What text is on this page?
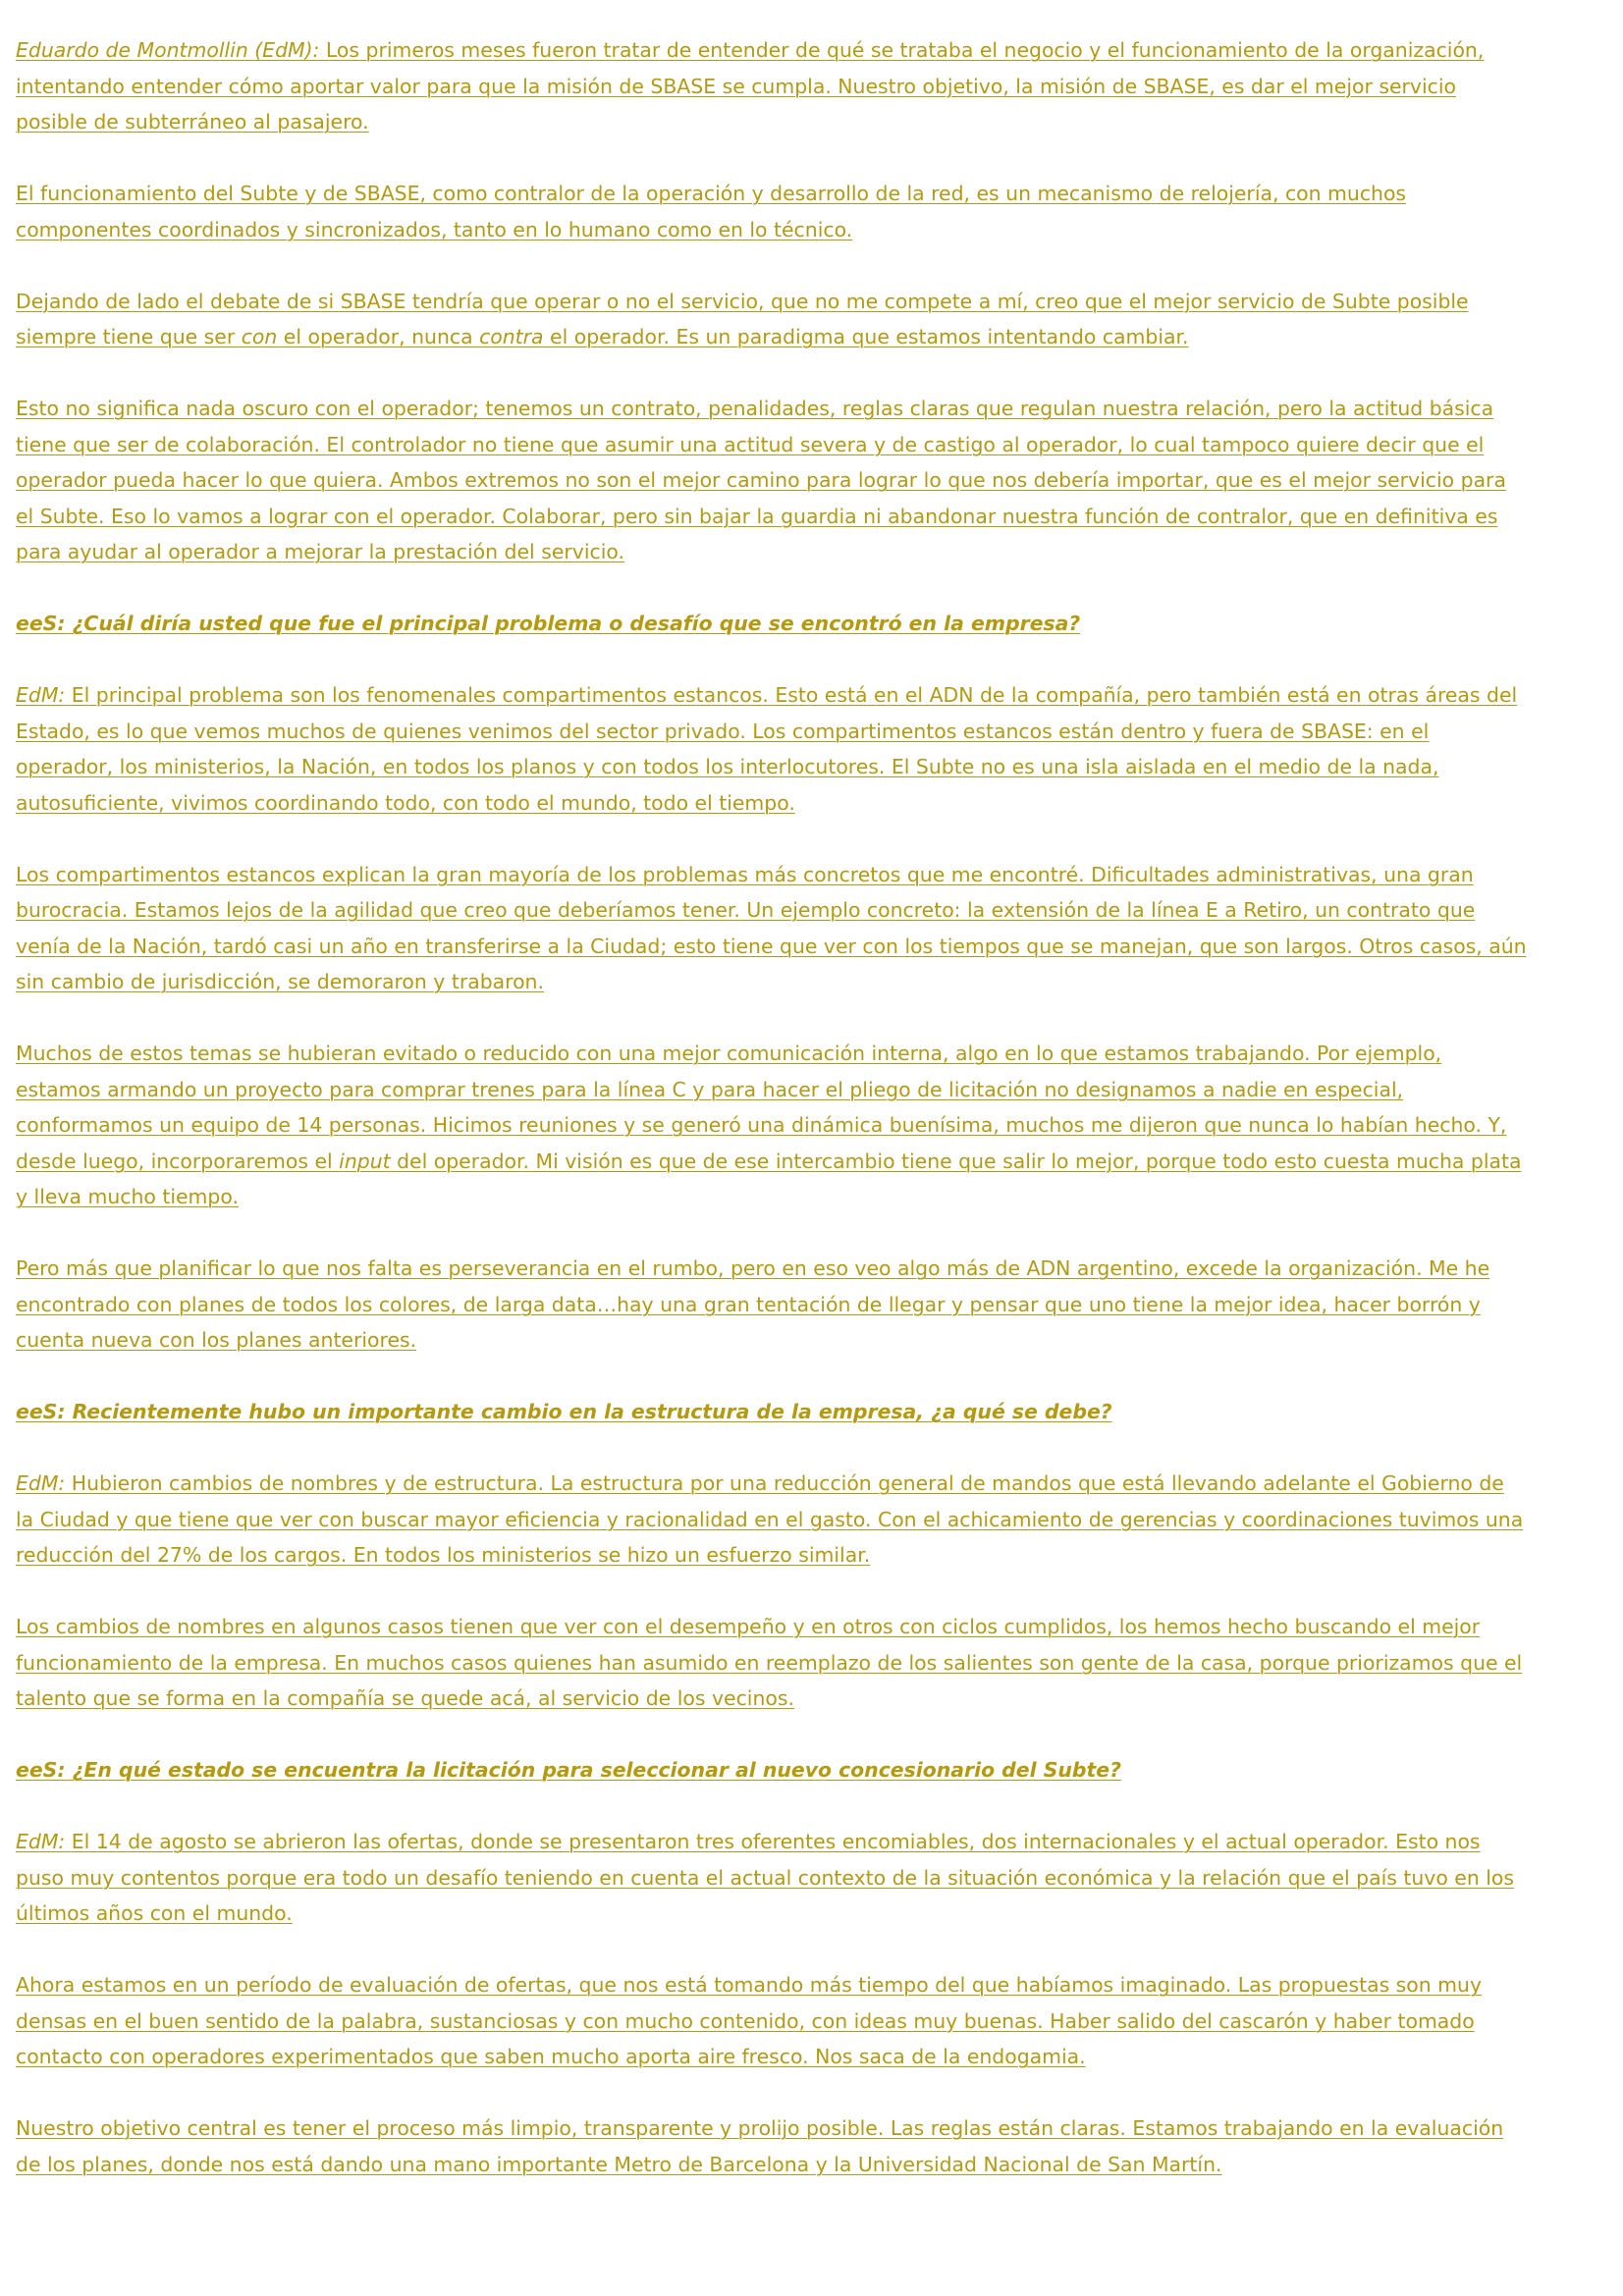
Eduardo de Montmollin (EdM): Los primeros meses fueron tratar de entender de qué se trataba el negocio y el funcionamiento de la organización, intentando entender cómo aportar valor para que la misión de SBASE se cumpla. Nuestro objetivo, la misión de SBASE, es dar el mejor servicio posible de subterráneo al pasajero.

El funcionamiento del Subte y de SBASE, como contralor de la operación y desarrollo de la red, es un mecanismo de relojería, con muchos componentes coordinados y sincronizados, tanto en lo humano como en lo técnico.

Dejando de lado el debate de si SBASE tendría que operar o no el servicio, que no me compete a mí, creo que el mejor servicio de Subte posible siempre tiene que ser con el operador, nunca contra el operador. Es un paradigma que estamos intentando cambiar.

Esto no significa nada oscuro con el operador; tenemos un contrato, penalidades, reglas claras que regulan nuestra relación, pero la actitud básica tiene que ser de colaboración. El controlador no tiene que asumir una actitud severa y de castigo al operador, lo cual tampoco quiere decir que el operador pueda hacer lo que quiera. Ambos extremos no son el mejor camino para lograr lo que nos debería importar, que es el mejor servicio para el Subte. Eso lo vamos a lograr con el operador. Colaborar, pero sin bajar la guardia ni abandonar nuestra función de contralor, que en definitiva es para ayudar al operador a mejorar la prestación del servicio.

eeS: ¿Cuál diría usted que fue el principal problema o desafío que se encontró en la empresa?

EdM: El principal problema son los fenomenales compartimentos estancos. Esto está en el ADN de la compañía, pero también está en otras áreas del Estado, es lo que vemos muchos de quienes venimos del sector privado. Los compartimentos estancos están dentro y fuera de SBASE: en el operador, los ministerios, la Nación, en todos los planos y con todos los interlocutores. El Subte no es una isla aislada en el medio de la nada, autosuficiente, vivimos coordinando todo, con todo el mundo, todo el tiempo.

Los compartimentos estancos explican la gran mayoría de los problemas más concretos que me encontré. Dificultades administrativas, una gran burocracia. Estamos lejos de la agilidad que creo que deberíamos tener. Un ejemplo concreto: la extensión de la línea E a Retiro, un contrato que venía de la Nación, tardó casi un año en transferirse a la Ciudad; esto tiene que ver con los tiempos que se manejan, que son largos. Otros casos, aún sin cambio de jurisdicción, se demoraron y trabaron.

Muchos de estos temas se hubieran evitado o reducido con una mejor comunicación interna, algo en lo que estamos trabajando. Por ejemplo, estamos armando un proyecto para comprar trenes para la línea C y para hacer el pliego de licitación no designamos a nadie en especial, conformamos un equipo de 14 personas. Hicimos reuniones y se generó una dinámica buenísima, muchos me dijeron que nunca lo habían hecho. Y, desde luego, incorporaremos el input del operador. Mi visión es que de ese intercambio tiene que salir lo mejor, porque todo esto cuesta mucha plata y lleva mucho tiempo.

Pero más que planificar lo que nos falta es perseverancia en el rumbo, pero en eso veo algo más de ADN argentino, excede la organización. Me he encontrado con planes de todos los colores, de larga data…hay una gran tentación de llegar y pensar que uno tiene la mejor idea, hacer borrón y cuenta nueva con los planes anteriores.

eeS: Recientemente hubo un importante cambio en la estructura de la empresa, ¿a qué se debe?

EdM: Hubieron cambios de nombres y de estructura. La estructura por una reducción general de mandos que está llevando adelante el Gobierno de la Ciudad y que tiene que ver con buscar mayor eficiencia y racionalidad en el gasto. Con el achicamiento de gerencias y coordinaciones tuvimos una reducción del 27% de los cargos. En todos los ministerios se hizo un esfuerzo similar.

Los cambios de nombres en algunos casos tienen que ver con el desempeño y en otros con ciclos cumplidos, los hemos hecho buscando el mejor funcionamiento de la empresa. En muchos casos quienes han asumido en reemplazo de los salientes son gente de la casa, porque priorizamos que el talento que se forma en la compañía se quede acá, al servicio de los vecinos.

eeS: ¿En qué estado se encuentra la licitación para seleccionar al nuevo concesionario del Subte?

EdM: El 14 de agosto se abrieron las ofertas, donde se presentaron tres oferentes encomiables, dos internacionales y el actual operador. Esto nos puso muy contentos porque era todo un desafío teniendo en cuenta el actual contexto de la situación económica y la relación que el país tuvo en los últimos años con el mundo.

Ahora estamos en un período de evaluación de ofertas, que nos está tomando más tiempo del que habíamos imaginado. Las propuestas son muy densas en el buen sentido de la palabra, sustanciosas y con mucho contenido, con ideas muy buenas. Haber salido del cascarón y haber tomado contacto con operadores experimentados que saben mucho aporta aire fresco. Nos saca de la endogamia.

Nuestro objetivo central es tener el proceso más limpio, transparente y prolijo posible. Las reglas están claras. Estamos trabajando en la evaluación de los planes, donde nos está dando una mano importante Metro de Barcelona y la Universidad Nacional de San Martín.
